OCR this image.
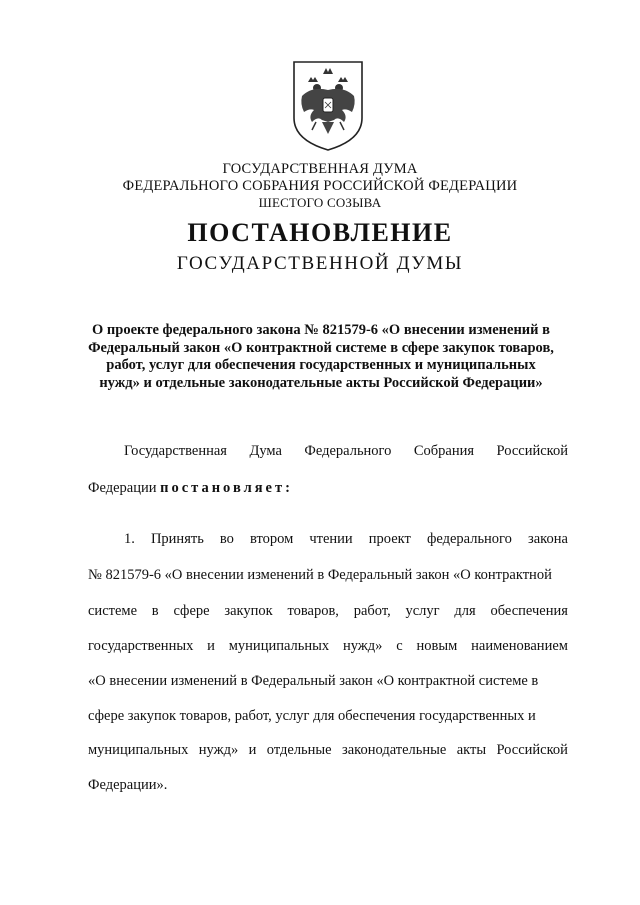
ГОСУДАРСТВЕННАЯ ДУМА
ФЕДЕРАЛЬНОГО СОБРАНИЯ РОССИЙСКОЙ ФЕДЕРАЦИИ
ШЕСТОГО СОЗЫВА
ПОСТАНОВЛЕНИЕ
ГОСУДАРСТВЕННОЙ ДУМЫ
О проекте федерального закона № 821579-6 «О внесении изменений в
Федеральный закон «О контрактной системе в сфере закупок товаров,
работ, услуг для обеспечения государственных и муниципальных
нужд» и отдельные законодательные акты Российской Федерации»
Государственная Дума Федерального Собрания Российской
Федерации постановляет:
1. Принять во втором чтении проект федерального закона
№ 821579-6 «О внесении изменений в Федеральный закон «О контрактной
системе в сфере закупок товаров, работ, услуг для обеспечения
государственных и муниципальных нужд» с новым наименованием
«О внесении изменений в Федеральный закон «О контрактной системе в
сфере закупок товаров, работ, услуг для обеспечения государственных и
муниципальных нужд» и отдельные законодательные акты Российской
Федерации».
